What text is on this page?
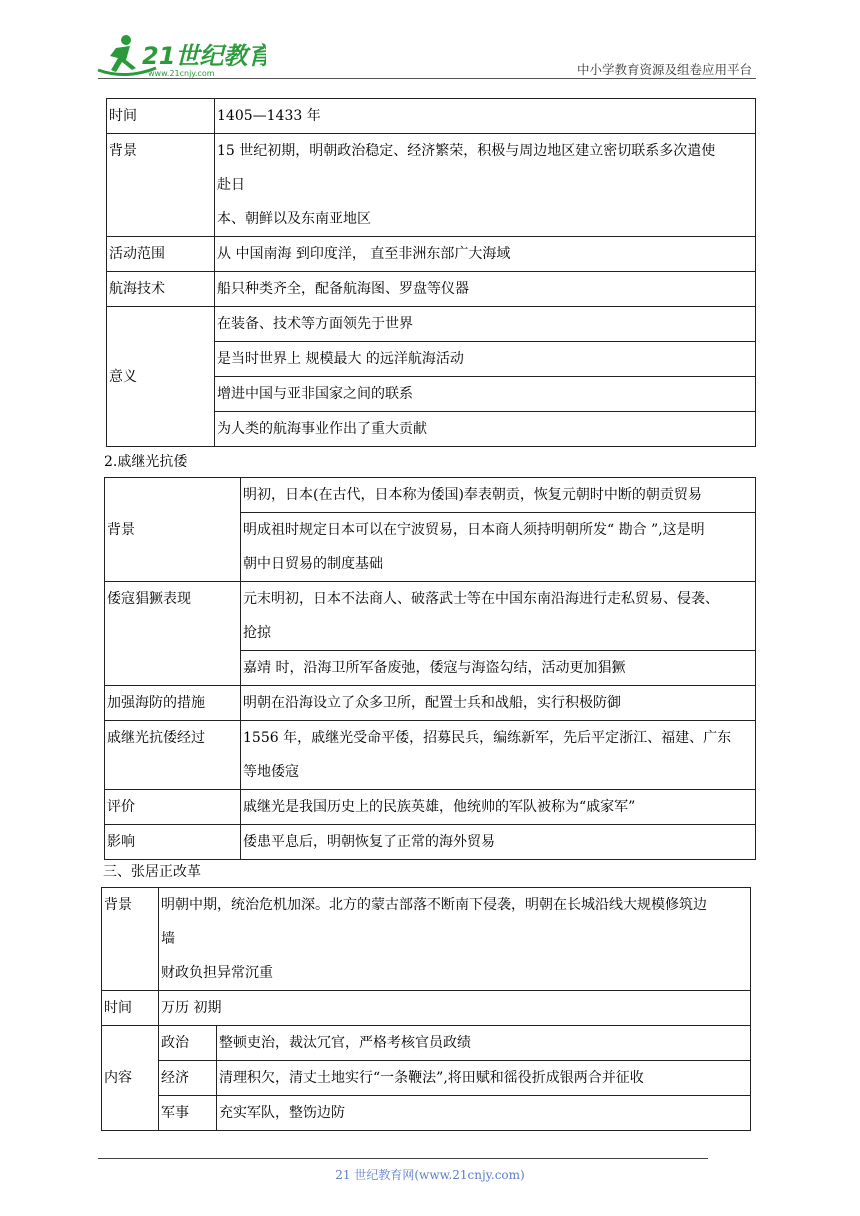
21世纪教育
www.21cnjy.com	中小学教育资源及组卷应用平台
时间	1405—1433 年
背景	15 世纪初期，明朝政治稳定、经济繁荣，积极与周边地区建立密切联系多次遣使
赴日
本、朝鲜以及东南亚地区

活动范围	从 中国南海 到印度洋， 直至非洲东部广大海域
航海技术	船只种类齐全，配备航海图、罗盘等仪器
意义	在装备、技术等方面领先于世界
	是当时世界上 规模最大 的远洋航海活动
	增进中国与亚非国家之间的联系
	为人类的航海事业作出了重大贡献
2.戚继光抗倭
背景	明初，日本(在古代，日本称为倭国)奉表朝贡，恢复元朝时中断的朝贡贸易
	明成祖时规定日本可以在宁波贸易，日本商人须持明朝所发“ 勘合 ”,这是明
	朝中日贸易的制度基础
倭寇猖獗表现	元末明初，日本不法商人、破落武士等在中国东南沿海进行走私贸易、侵袭、
	抢掠
	嘉靖 时，沿海卫所军备废弛，倭寇与海盗勾结，活动更加猖獗
加强海防的措施	明朝在沿海设立了众多卫所，配置士兵和战船，实行积极防御
戚继光抗倭经过	1556 年，戚继光受命平倭，招募民兵，编练新军，先后平定浙江、福建、广东
	等地倭寇
评价	戚继光是我国历史上的民族英雄，他统帅的军队被称为“戚家军”
影响	倭患平息后，明朝恢复了正常的海外贸易
三、张居正改革
背景	明朝中期，统治危机加深。北方的蒙古部落不断南下侵袭，明朝在长城沿线大规模修筑边
墙
财政负担异常沉重	

时间	万历 初期	
内容	政治	整顿吏治，裁汰冗官，严格考核官员政绩
	经济	清理积欠，清丈土地实行“一条鞭法”,将田赋和徭役折成银两合并征收
	军事	充实军队，整饬边防
21 世纪教育网(www.21cnjy.com)
